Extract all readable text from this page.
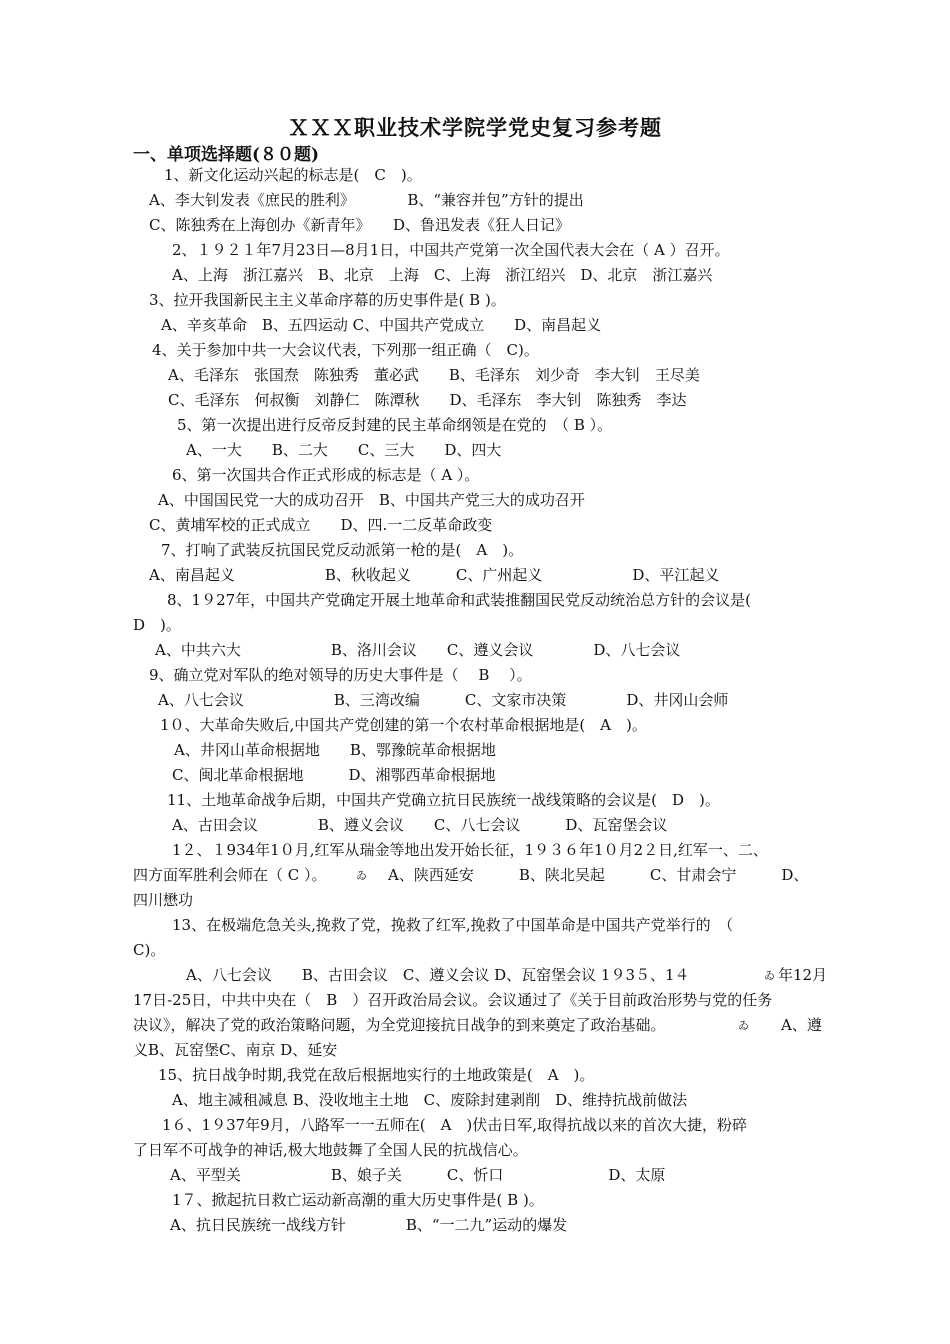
ＸＸＸ职业技术学院学党史复习参考题
一、单项选择题(８０题)
1、新文化运动兴起的标志是(　C　)。
A、李大钊发表《庶民的胜利》　　　　B、“兼容并包”方针的提出
C、陈独秀在上海创办《新青年》　　D、鲁迅发表《狂人日记》
2、１９２１年7月23日—8月1日，中国共产党第一次全国代表大会在（ A ）召开。
A、上海　浙江嘉兴　B、北京　上海　C、上海　浙江绍兴　D、北京　浙江嘉兴
3、拉开我国新民主主义革命序幕的历史事件是( B )。
A、辛亥革命　B、五四运动 C、中国共产党成立　　D、南昌起义
4、关于参加中共一大会议代表，下列那一组正确（　C)。
A、毛泽东　张国焘　陈独秀　董必武　　B、毛泽东　刘少奇　李大钊　王尽美
C、毛泽东　何叔衡　刘静仁　陈潭秋　　D、毛泽东　李大钊　陈独秀　李达
5、第一次提出进行反帝反封建的民主革命纲领是在党的　（ B ）。
A、一大　　B、二大　　C、三大　　D、四大
6、第一次国共合作正式形成的标志是（ A ）。
A、中国国民党一大的成功召开　B、中国共产党三大的成功召开
C、黄埔军校的正式成立　　D、四.一二反革命政变
7、打响了武装反抗国民党反动派第一枪的是(　A　)。
A、南昌起义　　　　　　B、秋收起义　　　C、广州起义　　　　　　D、平江起义
8、1９27年，中国共产党确定开展土地革命和武装推翻国民党反动统治总方针的会议是(
D　)。
A、中共六大　　　　　　B、洛川会议　　C、遵义会议　　　　D、八七会议
9、确立党对军队的绝对领导的历史大事件是（　 B　 ）。
A、八七会议　　　　　　B、三湾改编　　　C、文家市决策　　　　D、井冈山会师
1０、大革命失败后,中国共产党创建的第一个农村革命根据地是(　A　)。
A、井冈山革命根据地　　B、鄂豫皖革命根据地
C、闽北革命根据地　　　D、湘鄂西革命根据地
11、土地革命战争后期，中国共产党确立抗日民族统一战线策略的会议是(　D　)。
A、古田会议　　　　B、遵义会议　　C、八七会议　　　D、瓦窑堡会议
1２、１934年1０月,红军从瑞金等地出发开始长征，1９３６年1０月2２日,红军一、二、
四方面军胜利会师在（ C ）。	ゐ A、陕西延安　　　B、陕北吴起　　　C、甘肃会宁　　　D、
四川懋功
13、在极端危急关头,挽救了党，挽救了红军,挽救了中国革命是中国共产党举行的　（
C)。
A、八七会议　　B、古田会议　C、遵义会议 D、瓦窑堡会议 1９3５、1４	ゐ 年12月
17日-25日，中共中央在（　B　）召开政治局会议。会议通过了《关于目前政治形势与党的任务
决议》，解决了党的政治策略问题，为全党迎接抗日战争的到来奠定了政治基础。	ゐ A、遵
义B、瓦窑堡C、南京 D、延安
15、抗日战争时期,我党在敌后根据地实行的土地政策是(　A　)。
A、地主减租减息 B、没收地主土地　C、废除封建剥削　D、维持抗战前做法
1６、1９37年9月，八路军一一五师在(　A　)伏击日军,取得抗战以来的首次大捷，粉碎
了日军不可战争的神话,极大地鼓舞了全国人民的抗战信心。
A、平型关　　　　　　B、娘子关　　　C、忻口　　　　　　　D、太原
1７、掀起抗日救亡运动新高潮的重大历史事件是( B )。
A、抗日民族统一战线方针　　　　B、“一二九”运动的爆发
